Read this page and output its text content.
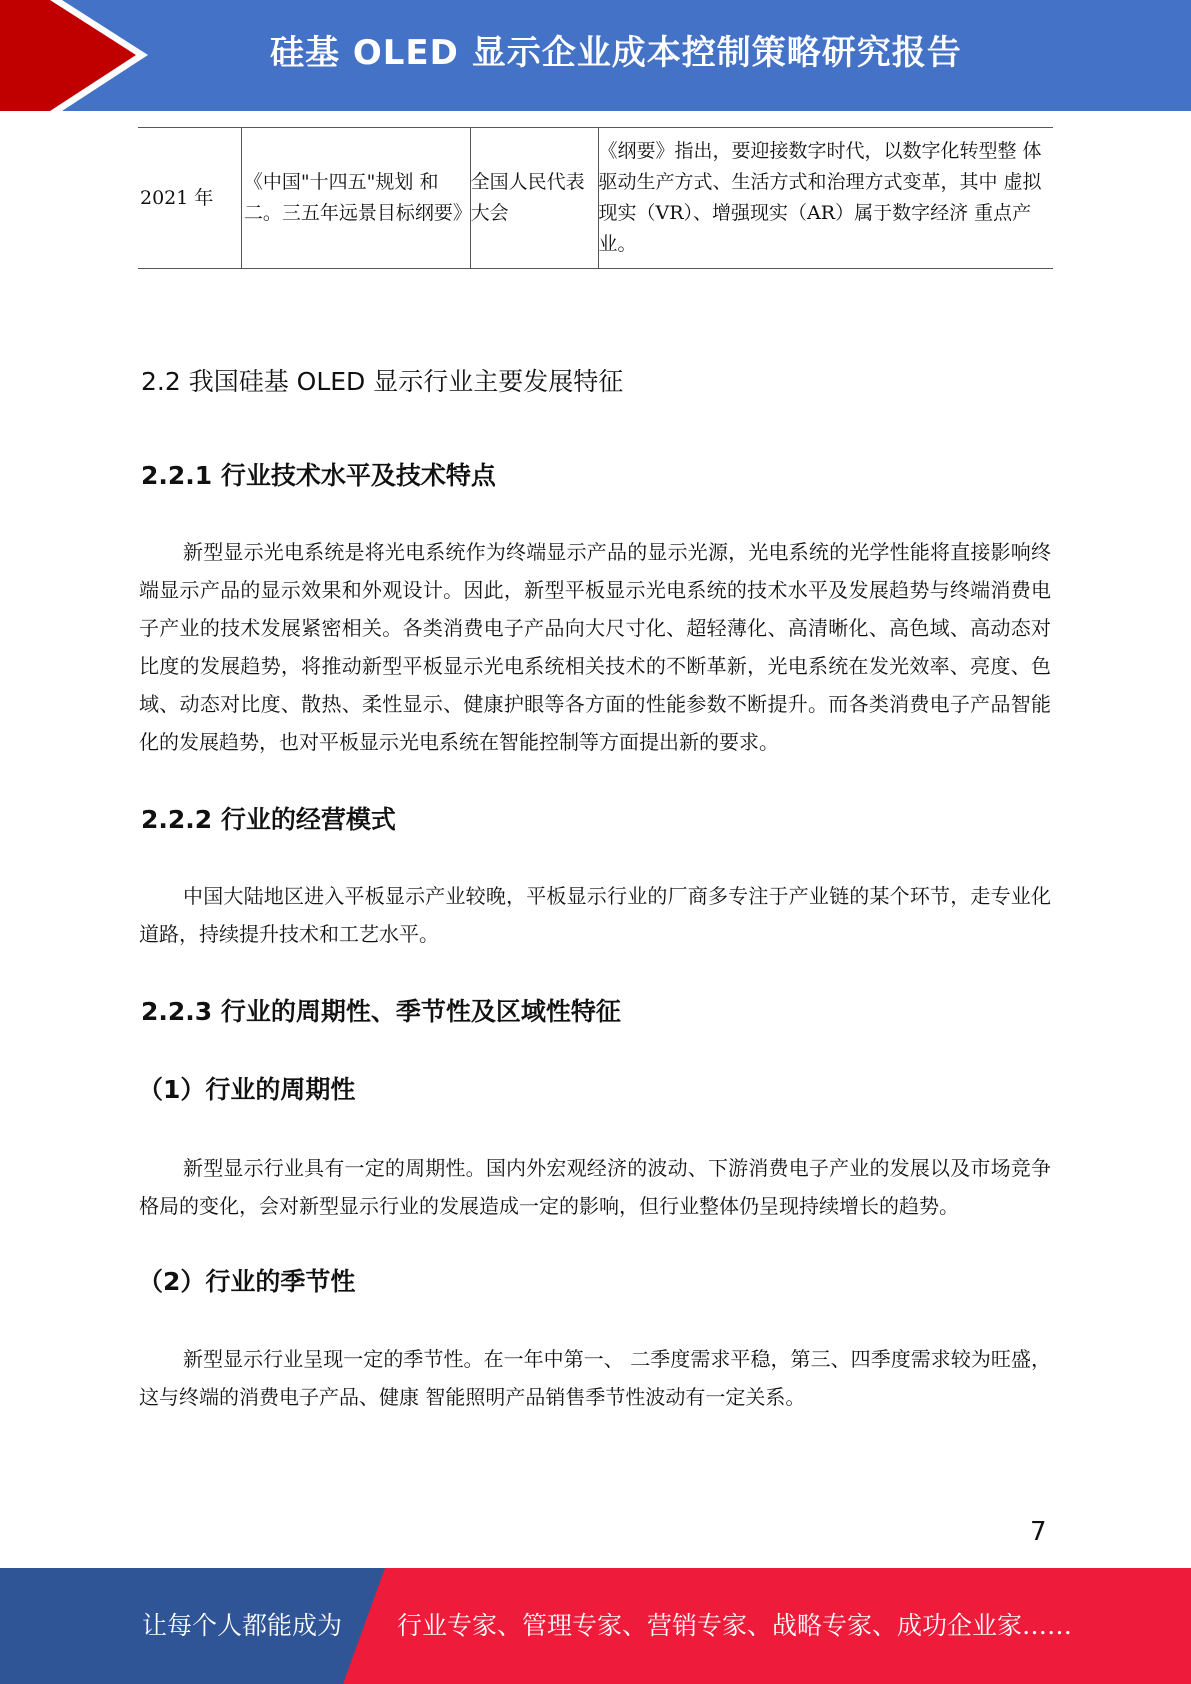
硅基 OLED 显示企业成本控制策略研究报告
2021 年	《中国"十四五"规划 和二。三五年远景目标纲要》	全国人民代表大会	《纲要》指出，要迎接数字时代，以数字化转型整 体驱动生产方式、生活方式和治理方式变革，其中 虚拟现实（VR）、增强现实（AR）属于数字经济 重点产业。
2.2 我国硅基 OLED 显示行业主要发展特征
2.2.1 行业技术水平及技术特点

新型显示光电系统是将光电系统作为终端显示产品的显示光源，光电系统的光学性能将直接影响终端显示产品的显示效果和外观设计。因此，新型平板显示光电系统的技术水平及发展趋势与终端消费电子产业的技术发展紧密相关。各类消费电子产品向大尺寸化、超轻薄化、高清晰化、高色域、高动态对比度的发展趋势，将推动新型平板显示光电系统相关技术的不断革新，光电系统在发光效率、亮度、色域、动态对比度、散热、柔性显示、健康护眼等各方面的性能参数不断提升。而各类消费电子产品智能化的发展趋势，也对平板显示光电系统在智能控制等方面提出新的要求。

2.2.2 行业的经营模式

中国大陆地区进入平板显示产业较晚，平板显示行业的厂商多专注于产业链的某个环节，走专业化道路，持续提升技术和工艺水平。

2.2.3 行业的周期性、季节性及区域性特征
（1）行业的周期性

新型显示行业具有一定的周期性。国内外宏观经济的波动、下游消费电子产业的发展以及市场竞争格局的变化，会对新型显示行业的发展造成一定的影响，但行业整体仍呈现持续增长的趋势。

（2）行业的季节性

新型显示行业呈现一定的季节性。在一年中第一、 二季度需求平稳，第三、四季度需求较为旺盛，这与终端的消费电子产品、健康 智能照明产品销售季节性波动有一定关系。

7
让每个人都能成为 行业专家、管理专家、营销专家、战略专家、成功企业家……
